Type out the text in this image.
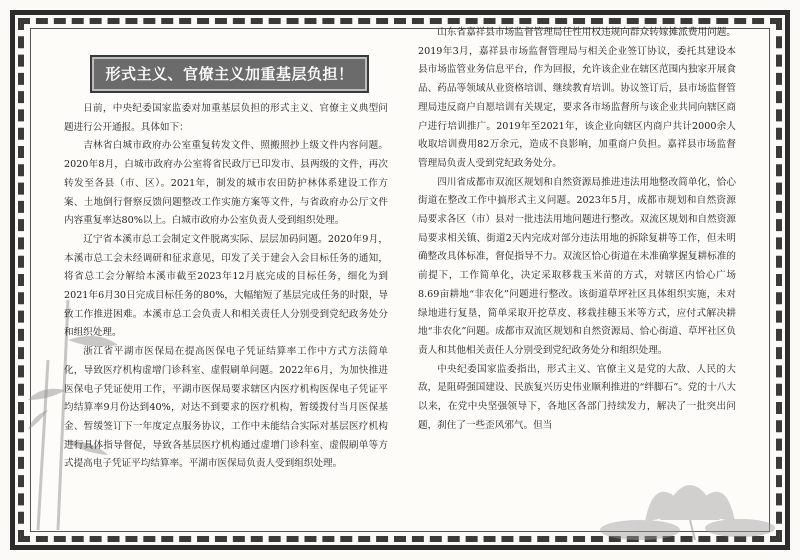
形式主义、官僚主义加重基层负担！

日前，中央纪委国家监委对加重基层负担的形式主义、官僚主义典型问题进行公开通报。具体如下：

吉林省白城市政府办公室重复转发文件、照搬照抄上级文件内容问题。2020年8月，白城市政府办公室将省民政厅已印发市、县两级的文件，再次转发至各县（市、区）。2021年，制发的城市农田防护林体系建设工作方案、土地倒行督察反馈问题整改工作实施方案等文件，与省政府办公厅文件内容重复率达80%以上。白城市政府办公室负责人受到组织处理。

辽宁省本溪市总工会制定文件脱离实际、层层加码问题。2020年9月，本溪市总工会未经调研和征求意见，印发了关于建会入会目标任务的通知，将省总工会分解给本溪市截至2023年12月底完成的目标任务，细化为到2021年6月30日完成目标任务的80%，大幅缩短了基层完成任务的时限，导致工作推进困难。本溪市总工会负责人和相关责任人分别受到党纪政务处分和组织处理。

浙江省平湖市医保局在提高医保电子凭证结算率工作中方式方法简单化，导致医疗机构虚增门诊科室、虚假刷单问题。2022年6月，为加快推进医保电子凭证使用工作，平湖市医保局要求辖区内医疗机构医保电子凭证平均结算率9月份达到40%，对达不到要求的医疗机构，暂缓拨付当月医保基金、暂缓签订下一年度定点服务协议，工作中未能结合实际对基层医疗机构进行具体指导督促，导致各基层医疗机构通过虚增门诊科室、虚假刷单等方式提高电子凭证平均结算率。平湖市医保局负责人受到组织处理。

山东省嘉祥县市场监督管理局任性用权违规向群众转嫁摊派费用问题。2019年3月，嘉祥县市场监督管理局与相关企业签订协议，委托其建设本县市场监管业务信息平台，作为回报，允许该企业在辖区范围内独家开展食品、药品等领域从业资格培训、继续教育培训。协议签订后，县市场监督管理局违反商户自愿培训有关规定，要求各市场监督所与该企业共同向辖区商户进行培训推广。2019年至2021年，该企业向辖区内商户共计2000余人收取培训费用82万余元，造成不良影响，加重商户负担。嘉祥县市场监督管理局负责人受到党纪政务处分。

四川省成都市双流区规划和自然资源局推进违法用地整改简单化，恰心街道在整改工作中搞形式主义问题。2023年5月，成都市规划和自然资源局要求各区（市）县对一批违法用地问题进行整改。双流区规划和自然资源局要求相关镇、街道2天内完成对部分违法用地的拆除复耕等工作，但未明确整改具体标准，督促指导不力。双流区恰心街道在未准确掌握复耕标准的前提下，工作简单化，决定采取移栽玉米苗的方式，对辖区内恰心广场8.69亩耕地“非农化”问题进行整改。该街道草坪社区具体组织实施，未对绿地进行复垦，简单采取开挖草皮、移栽挂穗玉米等方式，应付式解决耕地“非农化”问题。成都市双流区规划和自然资源局、恰心街道、草坪社区负责人和其他相关责任人分别受到党纪政务处分和组织处理。

中央纪委国家监委指出，形式主义、官僚主义是党的大敌、人民的大敌，是阻碍强国建设、民族复兴历史伟业顺利推进的“绊脚石”。党的十八大以来，在党中央坚强领导下，各地区各部门持续发力，解决了一批突出问题，刹住了一些歪风邪气。但当
